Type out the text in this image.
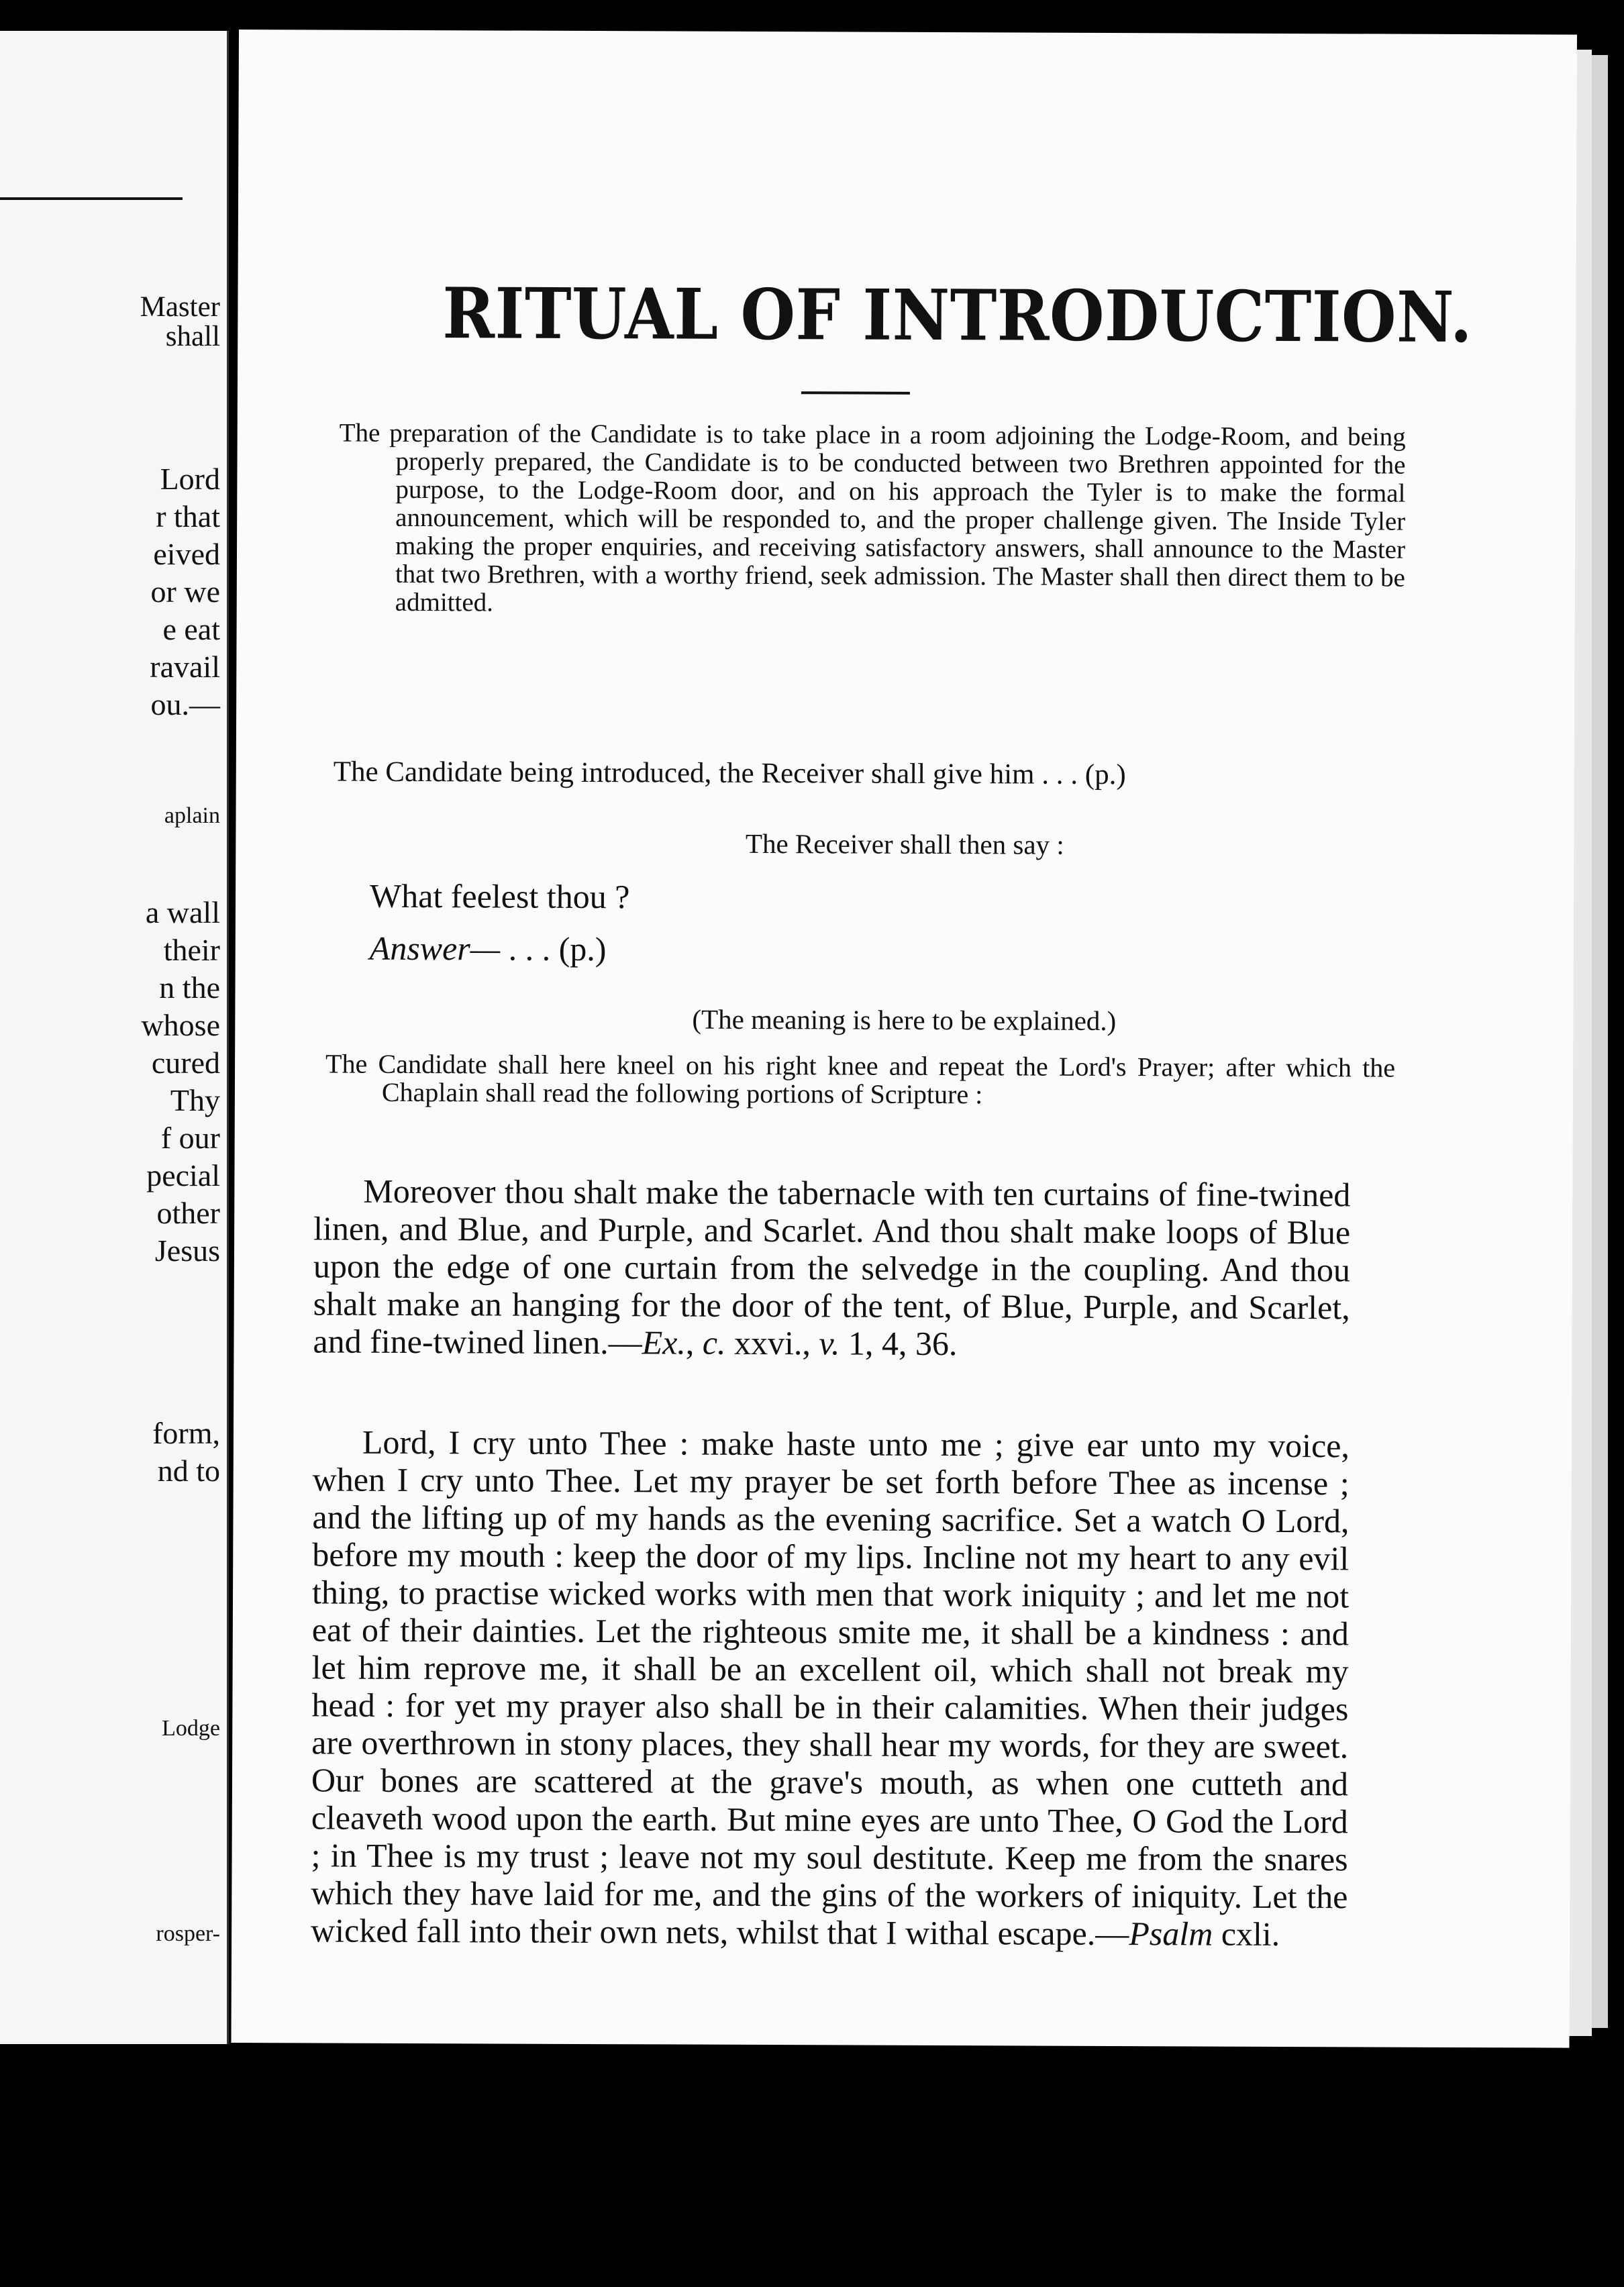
Master

shall

Lord

r that

eived

or we

e eat

ravail

ou.—

aplain

a wall

their

n the

whose

cured

Thy

f our

pecial

other

Jesus

form,

nd to

Lodge

rosper-

RITUAL OF INTRODUCTION.

The preparation of the Candidate is to take place in a room adjoining the Lodge-Room, and being properly prepared, the Candidate is to be conducted between two Brethren appointed for the purpose, to the Lodge-Room door, and on his approach the Tyler is to make the formal announcement, which will be responded to, and the proper challenge given. The Inside Tyler making the proper enquiries, and receiving satisfactory answers, shall announce to the Master that two Brethren, with a worthy friend, seek admission. The Master shall then direct them to be admitted.

The Candidate being introduced, the Receiver shall give him . . . (p.)

The Receiver shall then say :

What feelest thou ?

Answer— . . . (p.)

(The meaning is here to be explained.)

The Candidate shall here kneel on his right knee and repeat the Lord's Prayer; after which the Chaplain shall read the following portions of Scripture :

Moreover thou shalt make the tabernacle with ten curtains of fine-twined linen, and Blue, and Purple, and Scarlet. And thou shalt make loops of Blue upon the edge of one curtain from the selvedge in the coupling. And thou shalt make an hanging for the door of the tent, of Blue, Purple, and Scarlet, and fine-twined linen.—Ex., c. xxvi., v. 1, 4, 36.

Lord, I cry unto Thee : make haste unto me ; give ear unto my voice, when I cry unto Thee. Let my prayer be set forth before Thee as incense ; and the lifting up of my hands as the evening sacrifice. Set a watch O Lord, before my mouth : keep the door of my lips. Incline not my heart to any evil thing, to practise wicked works with men that work iniquity ; and let me not eat of their dainties. Let the righteous smite me, it shall be a kindness : and let him reprove me, it shall be an excellent oil, which shall not break my head : for yet my prayer also shall be in their calamities. When their judges are overthrown in stony places, they shall hear my words, for they are sweet. Our bones are scattered at the grave's mouth, as when one cutteth and cleaveth wood upon the earth. But mine eyes are unto Thee, O God the Lord ; in Thee is my trust ; leave not my soul destitute. Keep me from the snares which they have laid for me, and the gins of the workers of iniquity. Let the wicked fall into their own nets, whilst that I withal escape.—Psalm cxli.
